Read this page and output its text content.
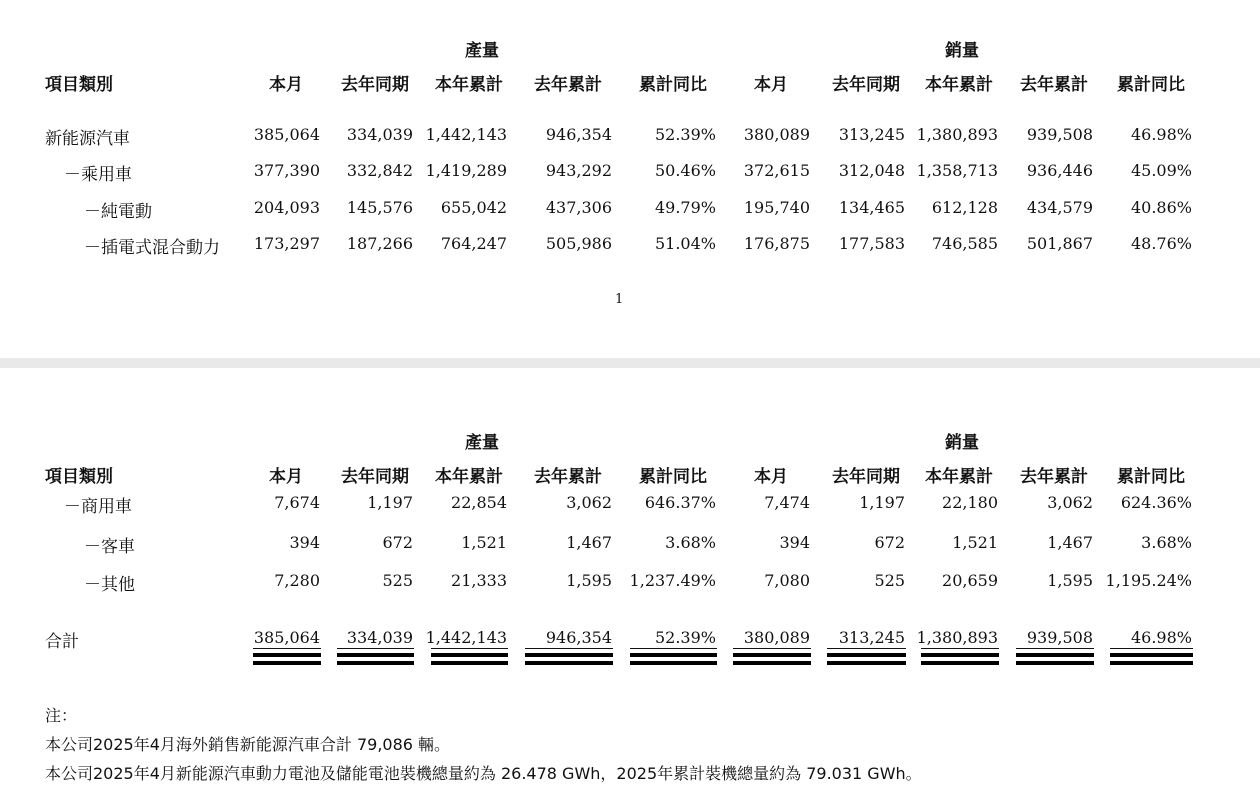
產量	銷量
項目類別	本月	去年同期	本年累計	去年累計	累計同比	本月	去年同期	本年累計	去年累計	累計同比
新能源汽車	385,064	334,039 1,442,143	946,354	52.39%	380,089	313,245 1,380,893	939,508	46.98%
－乘用車	377,390	332,842 1,419,289	943,292	50.46%	372,615	312,048 1,358,713	936,446	45.09%
－純電動	204,093	145,576	655,042	437,306	49.79%	195,740	134,465	612,128	434,579	40.86%
－插電式混合動力	173,297	187,266	764,247	505,986	51.04%	176,875	177,583	746,585	501,867	48.76%
1
產量	銷量
項目類別	本月	去年同期	本年累計	去年累計	累計同比	本月	去年同期	本年累計	去年累計	累計同比
－商用車	7,674	1,197	22,854	3,062	646.37%	7,474	1,197	22,180	3,062	624.36%
－客車	394	672	1,521	1,467	3.68%	394	672	1,521	1,467	3.68%
－其他	7,280	525	21,333	1,595	1,237.49%	7,080	525	20,659	1,595 1,195.24%
合計	385,064	334,039 1,442,143	946,354	52.39%	380,089	313,245 1,380,893	939,508	46.98%
注：
本公司2025年4月海外銷售新能源汽車合計 79,086 輛。
本公司2025年4月新能源汽車動力電池及儲能電池裝機總量約為 26.478 GWh，2025年累計裝機總量約為 79.031 GWh。
